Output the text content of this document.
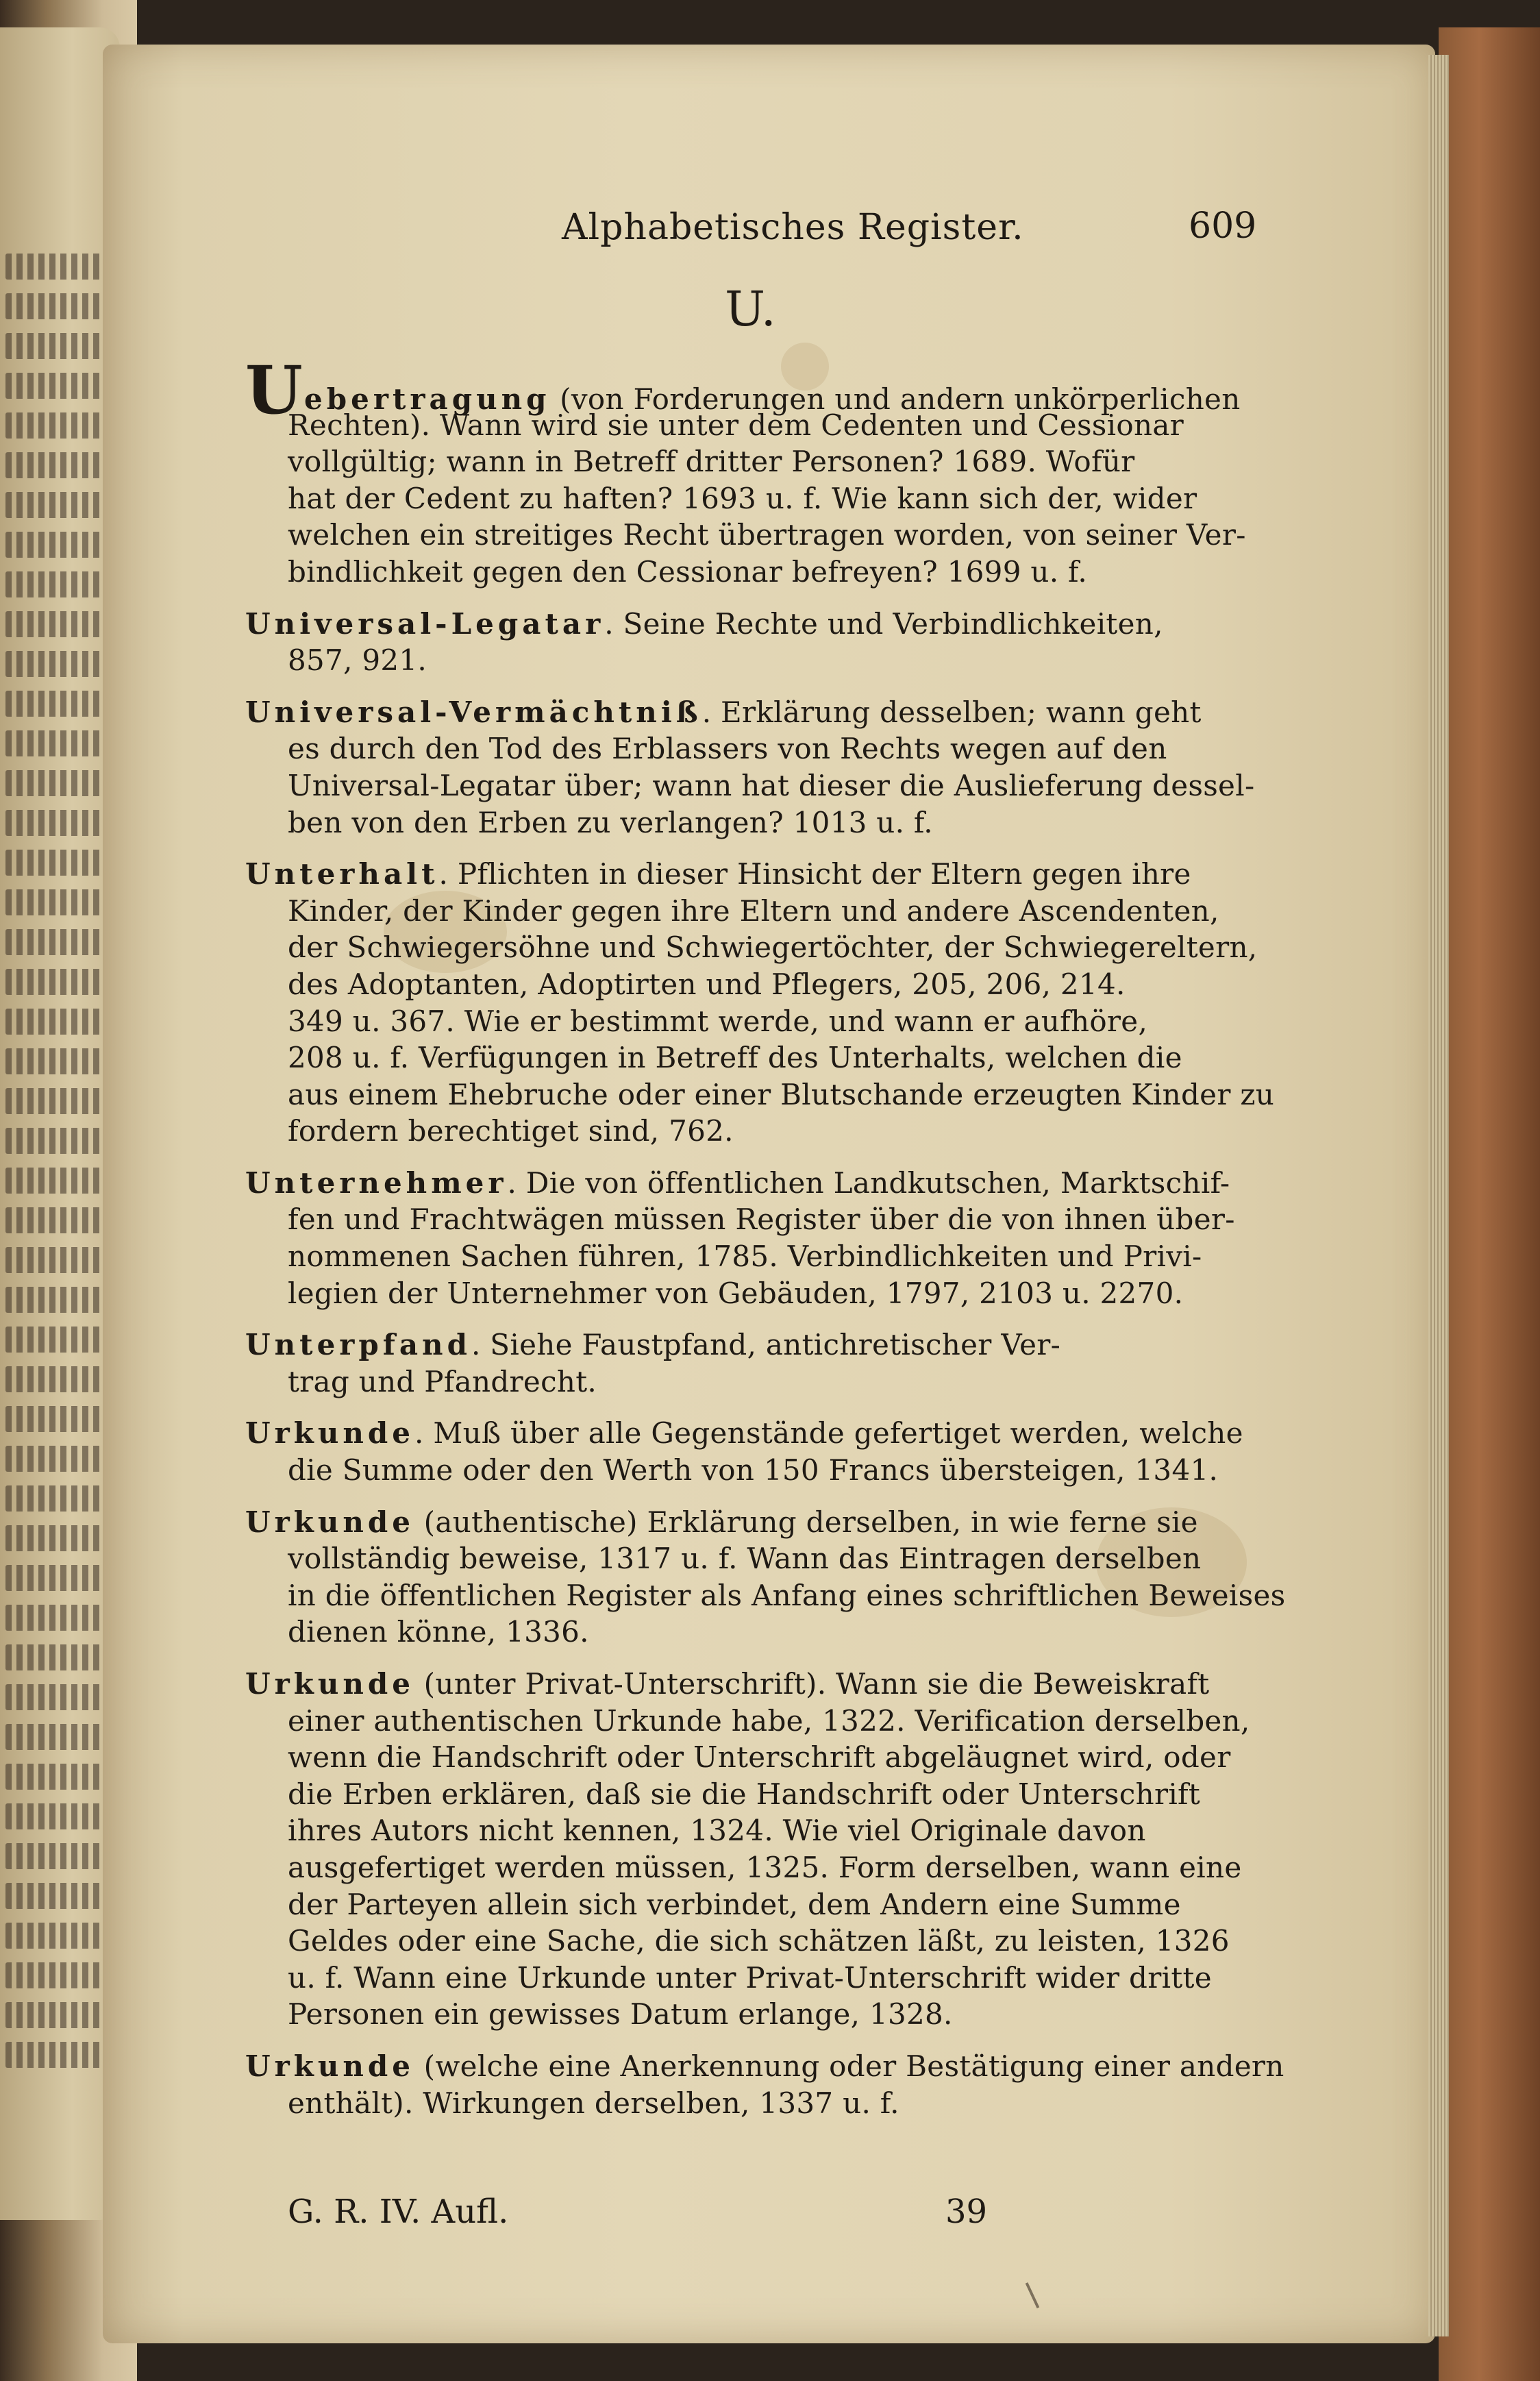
Alphabetisches Register.	609
U.
Uebertragung (von Forderungen und andern unkörperlichen
Rechten). Wann wird sie unter dem Cedenten und Cessionar
vollgültig; wann in Betreff dritter Personen? 1689. Wofür
hat der Cedent zu haften? 1693 u. f. Wie kann sich der, wider
welchen ein streitiges Recht übertragen worden, von seiner Ver-
bindlichkeit gegen den Cessionar befreyen? 1699 u. f.
Universal-Legatar. Seine Rechte und Verbindlichkeiten,
857, 921.
Universal-Vermächtniß. Erklärung desselben; wann geht
es durch den Tod des Erblassers von Rechts wegen auf den
Universal-Legatar über; wann hat dieser die Auslieferung dessel-
ben von den Erben zu verlangen? 1013 u. f.
Unterhalt. Pflichten in dieser Hinsicht der Eltern gegen ihre
Kinder, der Kinder gegen ihre Eltern und andere Ascendenten,
der Schwiegersöhne und Schwiegertöchter, der Schwiegereltern,
des Adoptanten, Adoptirten und Pflegers, 205, 206, 214.
349 u. 367. Wie er bestimmt werde, und wann er aufhöre,
208 u. f. Verfügungen in Betreff des Unterhalts, welchen die
aus einem Ehebruche oder einer Blutschande erzeugten Kinder zu
fordern berechtiget sind, 762.
Unternehmer. Die von öffentlichen Landkutschen, Marktschif-
fen und Frachtwägen müssen Register über die von ihnen über-
nommenen Sachen führen, 1785. Verbindlichkeiten und Privi-
legien der Unternehmer von Gebäuden, 1797, 2103 u. 2270.
Unterpfand. Siehe Faustpfand, antichretischer Ver-
trag und Pfandrecht.
Urkunde. Muß über alle Gegenstände gefertiget werden, welche
die Summe oder den Werth von 150 Francs übersteigen, 1341.
Urkunde (authentische) Erklärung derselben, in wie ferne sie
vollständig beweise, 1317 u. f. Wann das Eintragen derselben
in die öffentlichen Register als Anfang eines schriftlichen Beweises
dienen könne, 1336.
Urkunde (unter Privat-Unterschrift). Wann sie die Beweiskraft
einer authentischen Urkunde habe, 1322. Verification derselben,
wenn die Handschrift oder Unterschrift abgeläugnet wird, oder
die Erben erklären, daß sie die Handschrift oder Unterschrift
ihres Autors nicht kennen, 1324. Wie viel Originale davon
ausgefertiget werden müssen, 1325. Form derselben, wann eine
der Parteyen allein sich verbindet, dem Andern eine Summe
Geldes oder eine Sache, die sich schätzen läßt, zu leisten, 1326
u. f. Wann eine Urkunde unter Privat-Unterschrift wider dritte
Personen ein gewisses Datum erlange, 1328.
Urkunde (welche eine Anerkennung oder Bestätigung einer andern
enthält). Wirkungen derselben, 1337 u. f.
G. R. IV. Aufl.	39
